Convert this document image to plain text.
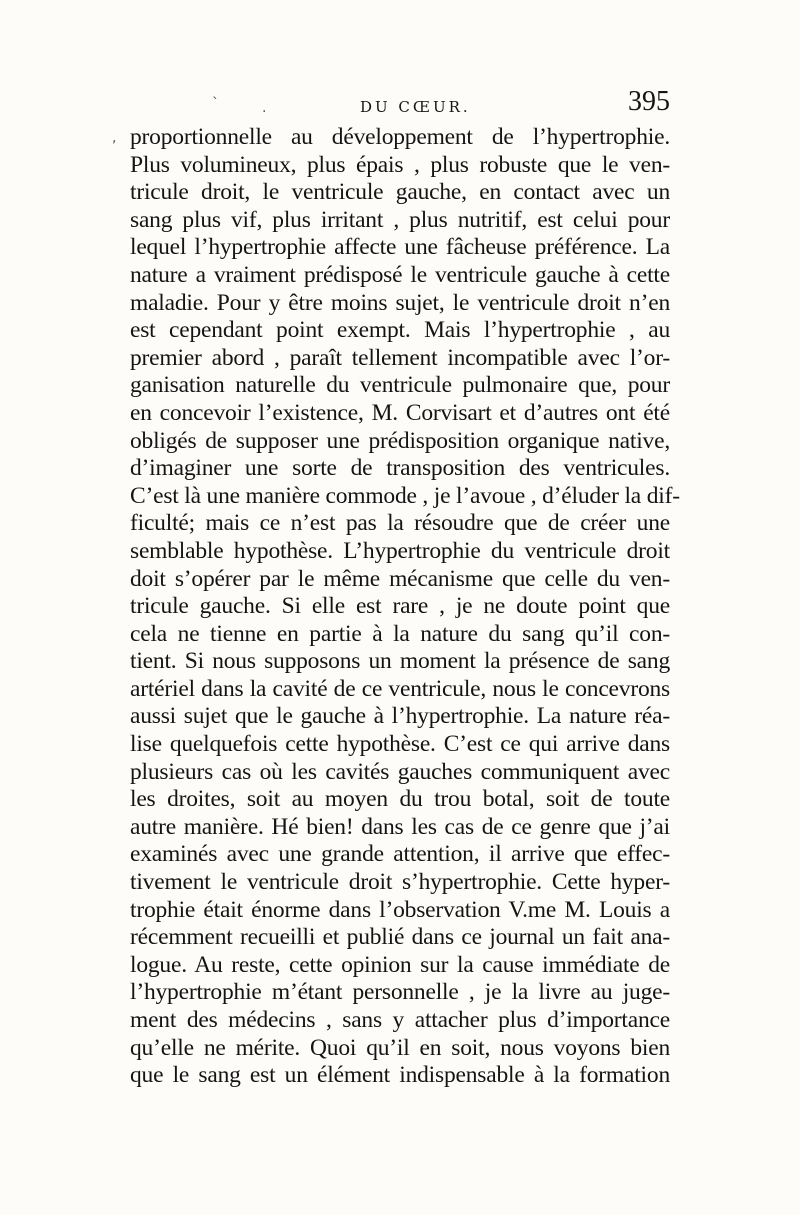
DU CŒUR.	395
ˋ	·
, proportionnelle au développement de l’hypertrophie.
Plus volumineux, plus épais , plus robuste que le ven-
tricule droit, le ventricule gauche, en contact avec un
sang plus vif, plus irritant , plus nutritif, est celui pour
lequel l’hypertrophie affecte une fâcheuse préférence. La
nature a vraiment prédisposé le ventricule gauche à cette
maladie. Pour y être moins sujet, le ventricule droit n’en
est cependant point exempt. Mais l’hypertrophie , au
premier abord , paraît tellement incompatible avec l’or-
ganisation naturelle du ventricule pulmonaire que, pour
en concevoir l’existence, M. Corvisart et d’autres ont été
obligés de supposer une prédisposition organique native,
d’imaginer une sorte de transposition des ventricules.
C’est là une manière commode , je l’avoue , d’éluder la dif-
ficulté; mais ce n’est pas la résoudre que de créer une
semblable hypothèse. L’hypertrophie du ventricule droit
doit s’opérer par le même mécanisme que celle du ven-
tricule gauche. Si elle est rare , je ne doute point que
cela ne tienne en partie à la nature du sang qu’il con-
tient. Si nous supposons un moment la présence de sang
artériel dans la cavité de ce ventricule, nous le concevrons
aussi sujet que le gauche à l’hypertrophie. La nature réa-
lise quelquefois cette hypothèse. C’est ce qui arrive dans
plusieurs cas où les cavités gauches communiquent avec
les droites, soit au moyen du trou botal, soit de toute
autre manière. Hé bien! dans les cas de ce genre que j’ai
examinés avec une grande attention, il arrive que effec-
tivement le ventricule droit s’hypertrophie. Cette hyper-
trophie était énorme dans l’observation V.me M. Louis a
récemment recueilli et publié dans ce journal un fait ana-
logue. Au reste, cette opinion sur la cause immédiate de
l’hypertrophie m’étant personnelle , je la livre au juge-
ment des médecins , sans y attacher plus d’importance
qu’elle ne mérite. Quoi qu’il en soit, nous voyons bien
que le sang est un élément indispensable à la formation
